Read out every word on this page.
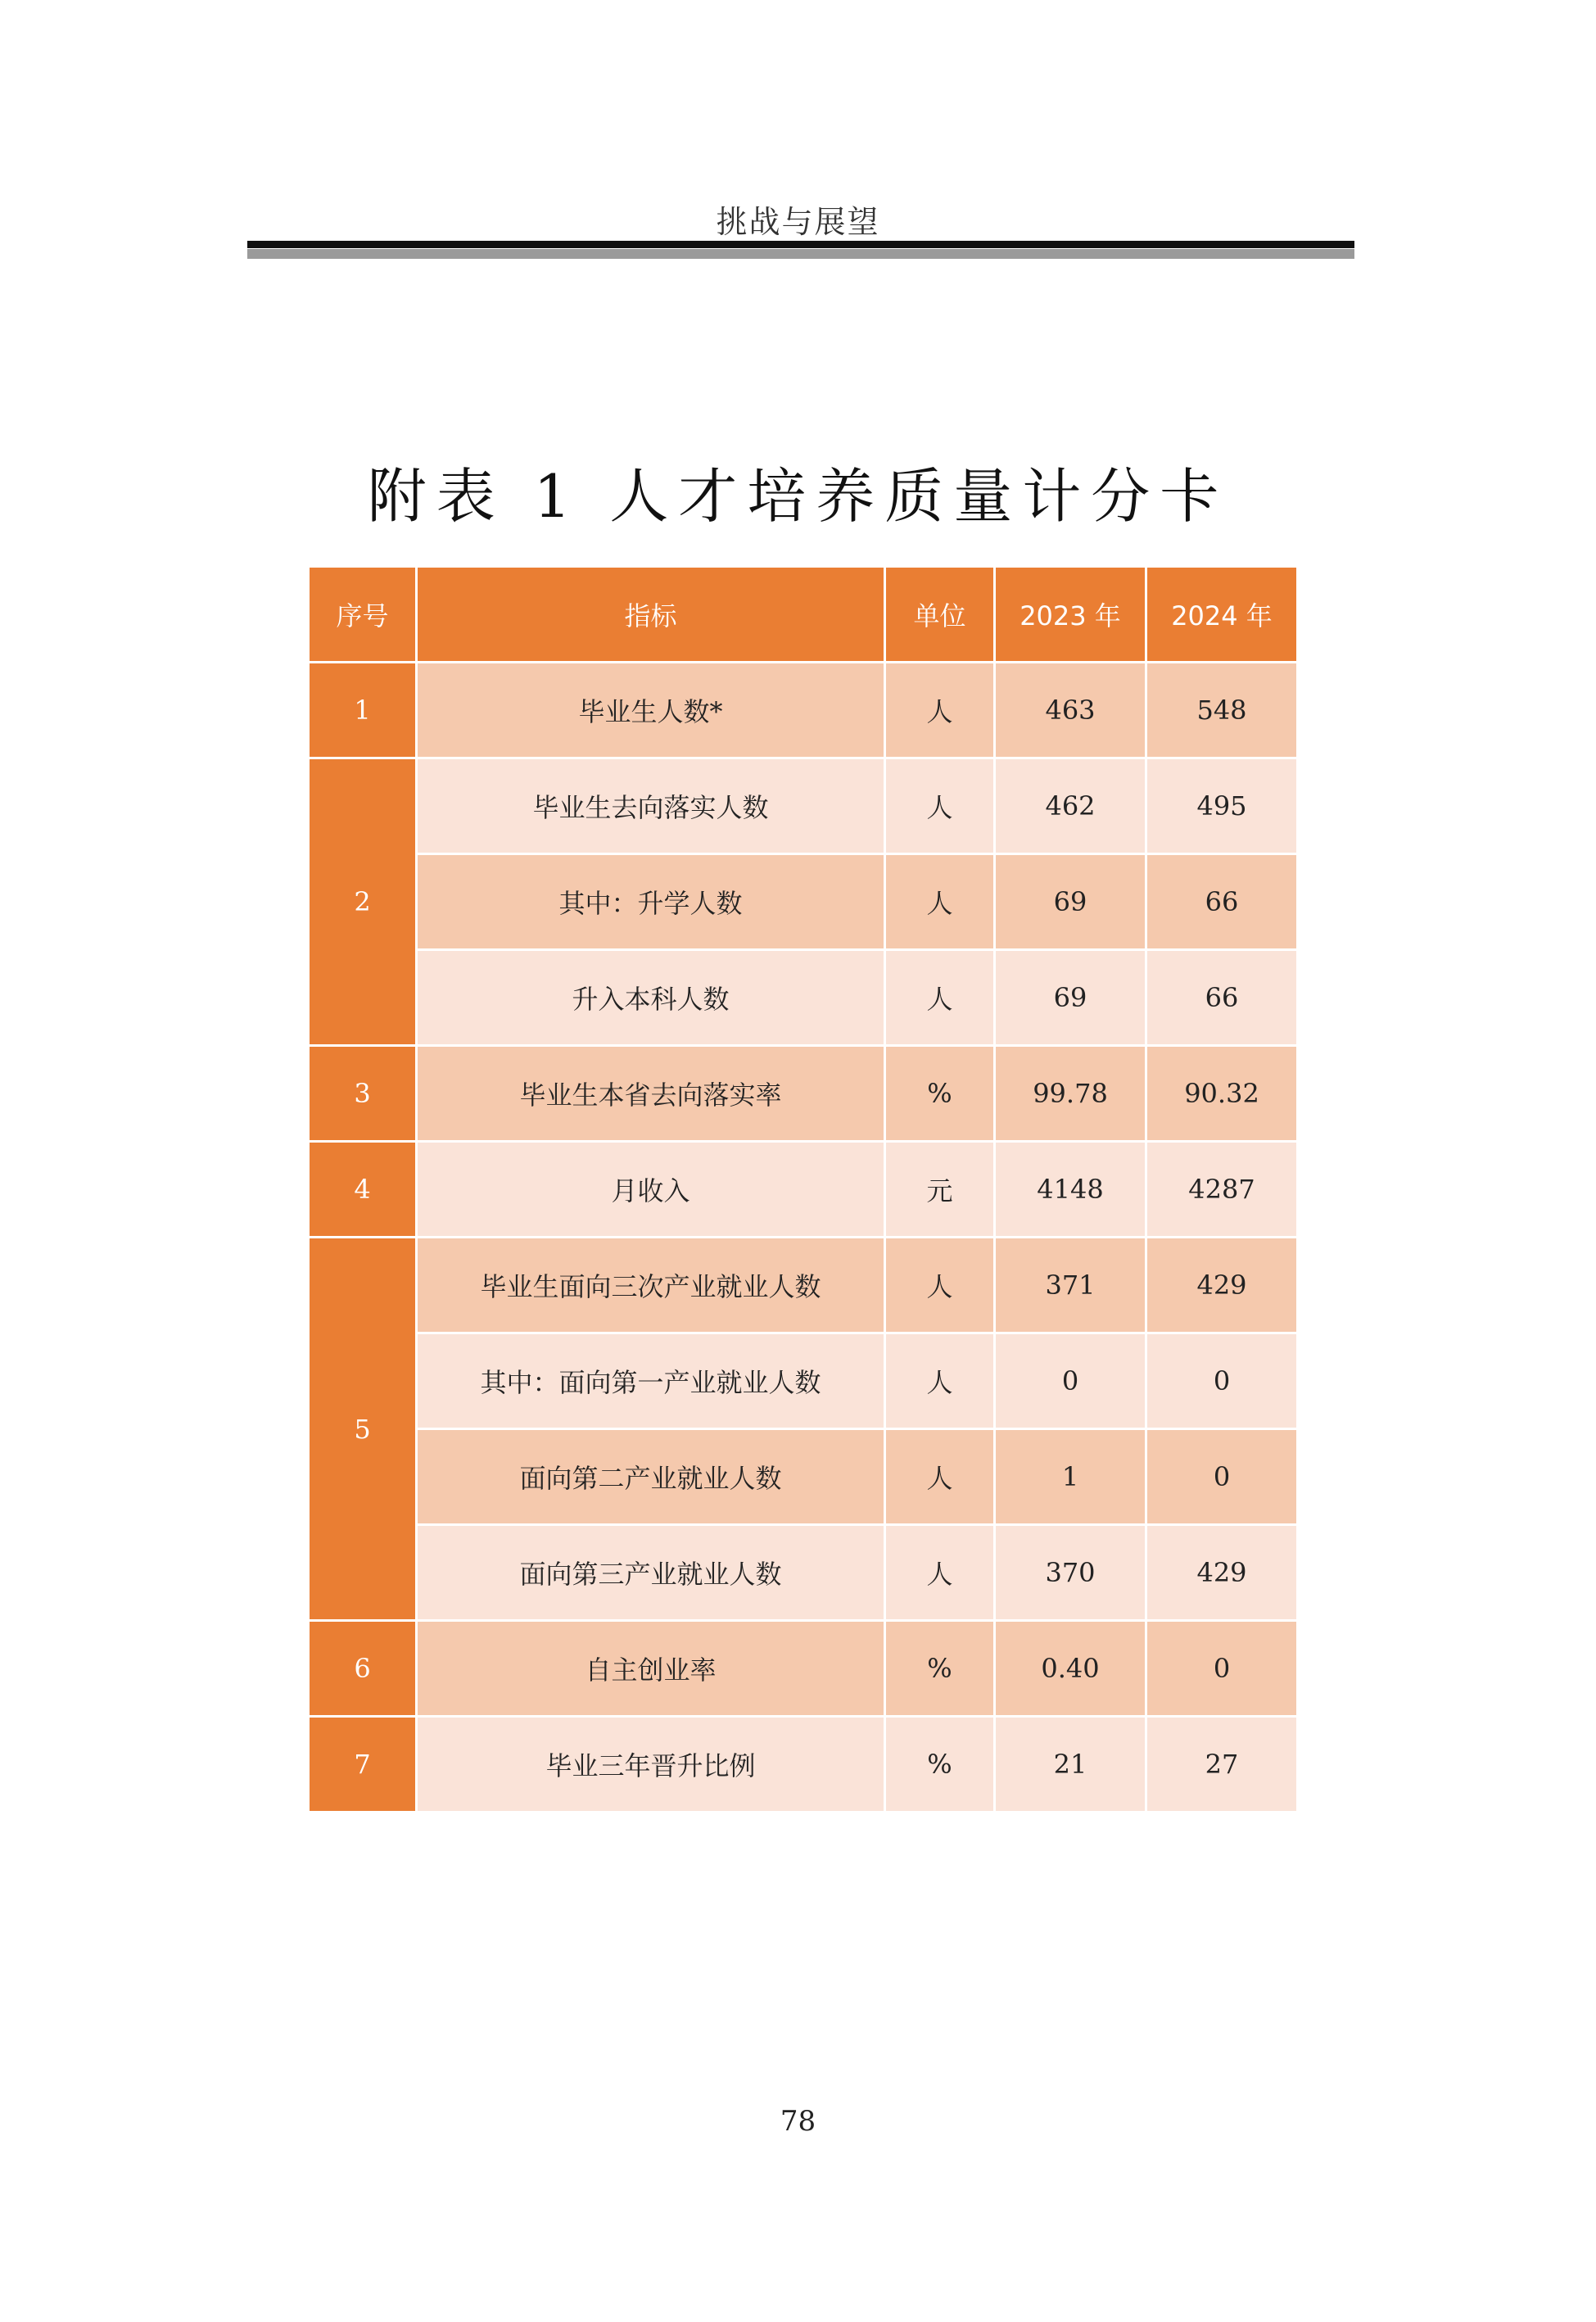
挑战与展望
附表 1 人才培养质量计分卡
序号	指标	单位	2023 年	2024 年
1	毕业生人数*	人	463	548
2	毕业生去向落实人数	人	462	495
	其中：升学人数	人	69	66
	升入本科人数	人	69	66
3	毕业生本省去向落实率	%	99.78	90.32
4	月收入	元	4148	4287
5	毕业生面向三次产业就业人数	人	371	429
	其中：面向第一产业就业人数	人	0	0
	面向第二产业就业人数	人	1	0
	面向第三产业就业人数	人	370	429
6	自主创业率	%	0.40	0
7	毕业三年晋升比例	%	21	27
78
